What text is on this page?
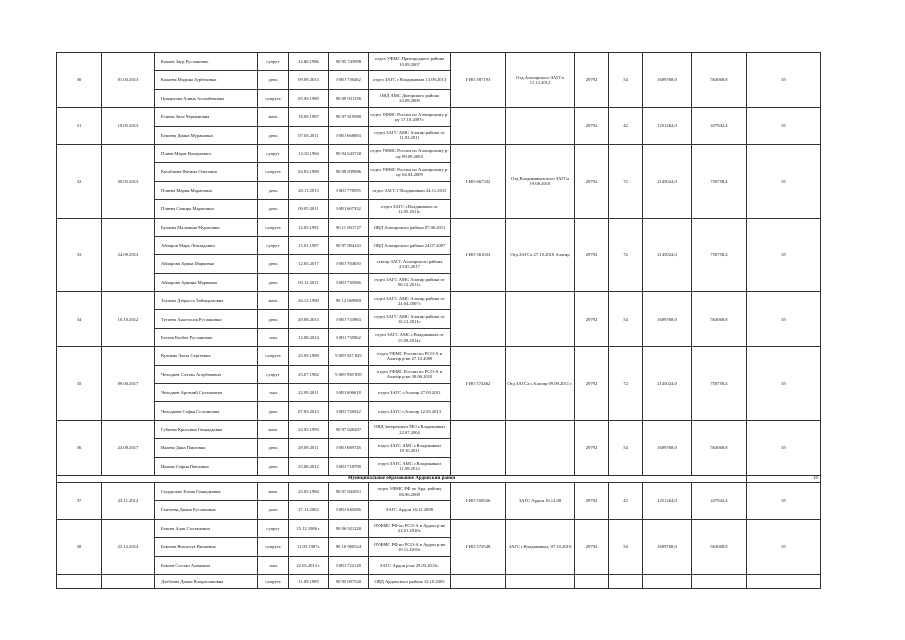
30	01.03.2013	Кокаев Заур Русланович	супруг	12.06.1986	90 05 743898	отдел УФМС Пригородного района 10.09.2007	I-ИО 587193	Отд.Алагирского ЗАГСа 11.12.2012	29792	54	1609768,0	563068,8	35
		Кокаева Мадина Зурбековна	дочь	09.09.2013	I-ИО 736462	отдел ЗАГС г.Владикавказ 13.09.2013							
		Цомартова Алина Асланбековна	супруга	05.09.1989	90 09 931356	ОВД АМС Дигорского района 24.08.2009							
31	19.05.2013	Есиева Зита Черменовна	мать	18.09.1987	90 07 819980	отдел УФМС России по Алагирскому р-ну 17.10.2007г.			29792	42	1251264,0	437942,4	35
		Бекоева Диана Мурановна	дочь	07.03.2011	I-ИО 668094	отдел ЗАГС АМС Алагир района от 11.03.2011							
32	30.05.2013	Плиев Марат Валерьевич	супруг	14.10.1984	90 04 643720	отдел УФМС России по Алагирскому р-ну 09.09.2004	I-ИО 667332	Отд.Владикавказского ЗАГСа 19.06.2010	29792	72	2145024,0	750758,4	35
		Касабиева Фатима Олеговна	супруга	02.03.1989	90 08 839886	отдел УФМС России по Алагирскому р-ну 04.04.2009							
		Плиева Мария Маратовна	дочь	20.11.2015	I-ИО 778595	отдел ЗАГС Г.Владикавказ 24.11.2015							
		Плиева Самира Маратовна	дочь	09.05.2011	I-ИО 667332	отдел ЗАГС г.Владикавказ от 11.05.2011г.							
33	24.09.2013	Булаева Мальвина Муратовна	супруга	12.05.1991	90 11 001727	ОВД Алагирского района 07.06.2011	I-ИО 561033	Отд.ЗАГСа 27.10.2010 Алагир	29792	72	2145024,0	750758,4	35
		Айларов Марк Леонидович	супруг	15.01.1987	90 07 804241	ОВД Алагирского района 24.07.2007							
		Айларова Арина Марковна	дочь	12.05.2017	I-ИО 784650	сектор ЗАГС Алагирского района 23.05.2017							
		Айларова Армина Марковна	дочь	03.12.2011	I-ИО 730566	отдел ЗАГС АМС Алагир района от 06.12.2011г.							
34	10.10.2012	Тогаева Дзерасса Таймуразовна	мать	26.12.1990	90 12 069869	отдел ЗАГС АМС Алагир района от 24.04.2007г.			29792	54	1609768,0	563068,8	35
		Тугаева Анастасия Руслановна	дочь	20.08.2013	I-ИО 733984	отдел ЗАГС АМС Алагир района от 16.12.2011г.							
		Бегаев Казбек Русланович	сын	12.08.2014	I-ИО 735962	отдел ЗАГС АМС г.Владикавказ от 15.08.2014г.							
35	09.06.2017	Кучиева Эльза Сергеевна	супруга	25.09.1989	9 009 927 825	отдел УФМС России по РСО-А в Алагир р-не 27.10.2009	I-ИО 574462	Отд.ЗАГСа г.Алагир 09.08.2011 г.	29792	72	2145024,0	750758,4	35
		Чельдиев Солтан Агорбекович	супруг	25.07.1982	9 009 958 839	отдел УФМС России по РСО-А в Алагир р-не 30.06.2010							
		Чельдиев Арсений Солтанович	сын	22.09.2011	I-ИО 696618	отдел ЗАГС г.Алагир 27.09.2011							
		Чельдиева Софья Солтановна	дочь	07.03.2013	I-ИО 726922	отдел ЗАГС г.Алагир 12.03.2013							
36	23.08.2017	Губиева Кристина Геннадьевна	мать	22.05.1993	90 07 626207	ОВД Затеречного МО г.Владикавказ 22.07.2004			29792	54	1609768,0	563068,8	35
		Икаева Дана Павловна	дочь	29.09.2011	I-ИО 689726	отдел ЗАГС АМС г.Владикавказ 18.10.2011							
		Икаева София Павловна	дочь	25.08.2012	I-ИО 718708	отдел ЗАГС АМС г.Владикавказ 11.09.2012							
Муниципальное образование Ардонский район													16
37	23.11.2012	Сидорские Елена Геннадьевна	мать	25.05.1984	90 07 842851	отдел УФМС РФ по Ард. району 06.06.2008	I-ИО 558326	ЗАГС Ардон 16.12.08	29792	42	1251264,0	437942,4	35
		Гантоева Диана Руслановна	дочь	27.11.2002	I-ИО 640296	ЗАГС Ардон 16.12.2008							
38	25.12.2014	Бекоев Алан Солтанович	супруг	15.12.1986 г.	90 06 921220	ОУФМС РФ по РСО-А в Ардон р-не 22.01.2010г.	I-ИО 572548	ЗАГС г.Владикавказ, 07.10.2010	29792	54	1609768,0	563068,8	35
		Бекоева Виолетта Вилиевна	супруга	11.05.1987г.	90 10 960524	ОУФМС РФ по РСО-А в Ардон р-не 10.11.2010г.							
		Бекоев Сослан Аланович	сын	22.03.2013 г.	I-ИО 722128	ЗАГС Ардон р-на 29.03.2013г.							
		Дзобоева Диана Владиславовна	супруга	11.09.1985	90 05 697520	ОВД Ардонского района 12.10.2005							
